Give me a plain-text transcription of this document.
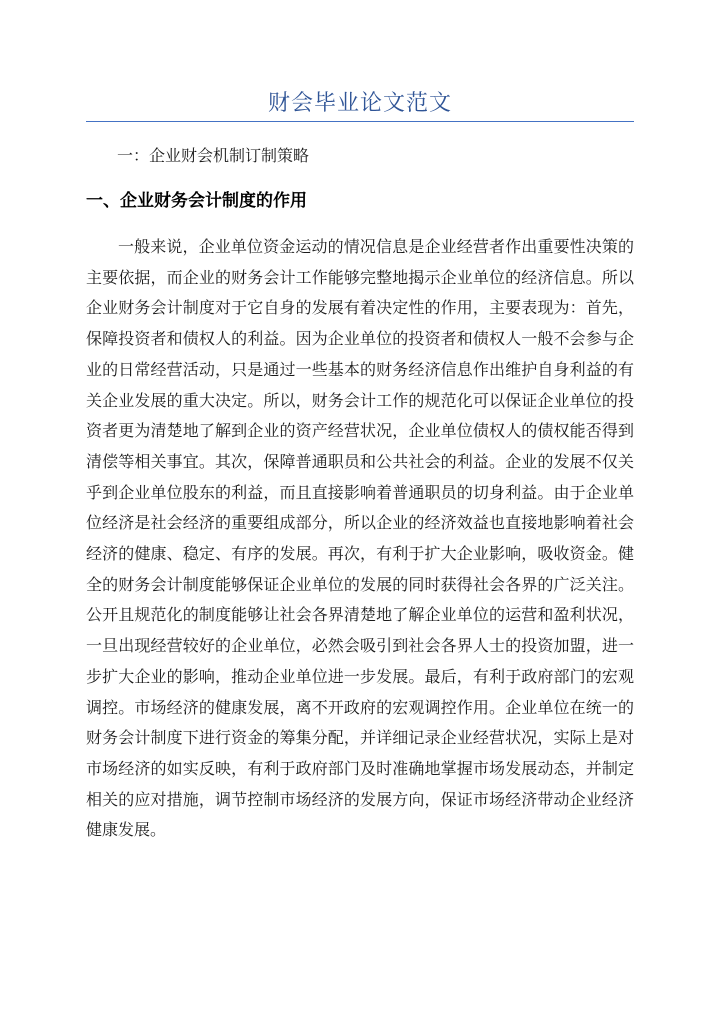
财会毕业论文范文
一：企业财会机制订制策略
一、企业财务会计制度的作用

一般来说，企业单位资金运动的情况信息是企业经营者作出重要性决策的主要依据，而企业的财务会计工作能够完整地揭示企业单位的经济信息。所以企业财务会计制度对于它自身的发展有着决定性的作用，主要表现为：首先，保障投资者和债权人的利益。因为企业单位的投资者和债权人一般不会参与企业的日常经营活动，只是通过一些基本的财务经济信息作出维护自身利益的有关企业发展的重大决定。所以，财务会计工作的规范化可以保证企业单位的投资者更为清楚地了解到企业的资产经营状况，企业单位债权人的债权能否得到清偿等相关事宜。其次，保障普通职员和公共社会的利益。企业的发展不仅关乎到企业单位股东的利益，而且直接影响着普通职员的切身利益。由于企业单位经济是社会经济的重要组成部分，所以企业的经济效益也直接地影响着社会经济的健康、稳定、有序的发展。再次，有利于扩大企业影响，吸收资金。健全的财务会计制度能够保证企业单位的发展的同时获得社会各界的广泛关注。公开且规范化的制度能够让社会各界清楚地了解企业单位的运营和盈利状况，一旦出现经营较好的企业单位，必然会吸引到社会各界人士的投资加盟，进一步扩大企业的影响，推动企业单位进一步发展。最后，有利于政府部门的宏观调控。市场经济的健康发展，离不开政府的宏观调控作用。企业单位在统一的财务会计制度下进行资金的筹集分配，并详细记录企业经营状况，实际上是对市场经济的如实反映，有利于政府部门及时准确地掌握市场发展动态，并制定相关的应对措施，调节控制市场经济的发展方向，保证市场经济带动企业经济健康发展。
